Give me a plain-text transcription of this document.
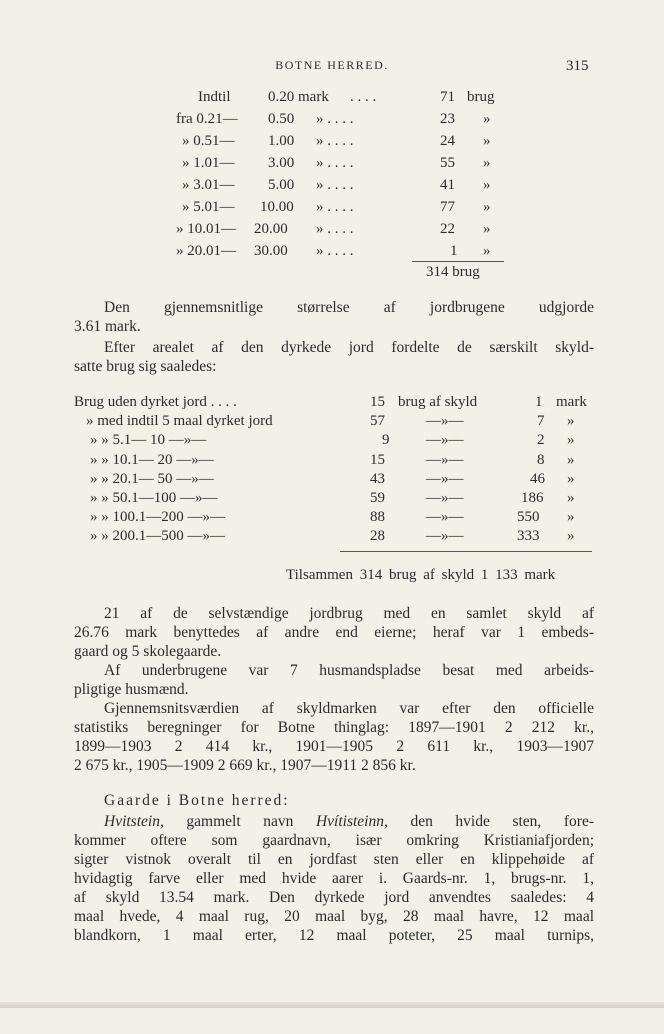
BOTNE HERRED.	315
Indtil	0.20 mark . . . .	71 brug
fra 0.21— 0.50 » . . . .	23 »
» 0.51— 1.00 » . . . .	24 »
» 1.01— 3.00 » . . . .	55 »
» 3.01— 5.00 » . . . .	41 »
» 5.01— 10.00 » . . . .	77 »
» 10.01— 20.00 » . . . .	22 »
» 20.01— 30.00 » . . . .	1 »
314 brug
Den gjennemsnitlige størrelse af jordbrugene udgjorde
3.61 mark.
Efter arealet af den dyrkede jord fordelte de særskilt skyld-
satte brug sig saaledes:
Brug uden dyrket jord . . . .	15 brug af skyld	1 mark
» med indtil 5 maal dyrket jord	57	—»—	7 »
» » 5.1— 10 —»—	9 —»—	2 »
» » 10.1— 20 —»—	15	—»—	8 »
» » 20.1— 50 —»—	43	—»—	46 »
» » 50.1—100 —»—	59	—»—	186 »
» » 100.1—200 —»—	88	—»—	550 »
» » 200.1—500 —»—	28	—»—	333 »
Tilsammen 314 brug af skyld 1 133 mark
21 af de selvstændige jordbrug med en samlet skyld af
26.76 mark benyttedes af andre end eierne; heraf var 1 embeds-
gaard og 5 skolegaarde.
Af underbrugene var 7 husmandspladse besat med arbeids-
pligtige husmænd.
Gjennemsnitsværdien af skyldmarken var efter den officielle
statistiks beregninger for Botne thinglag: 1897—1901 2 212 kr.,
1899—1903 2 414 kr., 1901—1905 2 611 kr., 1903—1907
2 675 kr., 1905—1909 2 669 kr., 1907—1911 2 856 kr.
Gaarde i Botne herred:
Hvitstein, gammelt navn Hvítisteinn, den hvide sten, fore-
kommer oftere som gaardnavn, især omkring Kristianiafjorden;
sigter vistnok overalt til en jordfast sten eller en klippehøide af
hvidagtig farve eller med hvide aarer i. Gaards-nr. 1, brugs-nr. 1,
af skyld 13.54 mark. Den dyrkede jord anvendtes saaledes: 4
maal hvede, 4 maal rug, 20 maal byg, 28 maal havre, 12 maal
blandkorn, 1 maal erter, 12 maal poteter, 25 maal turnips,
